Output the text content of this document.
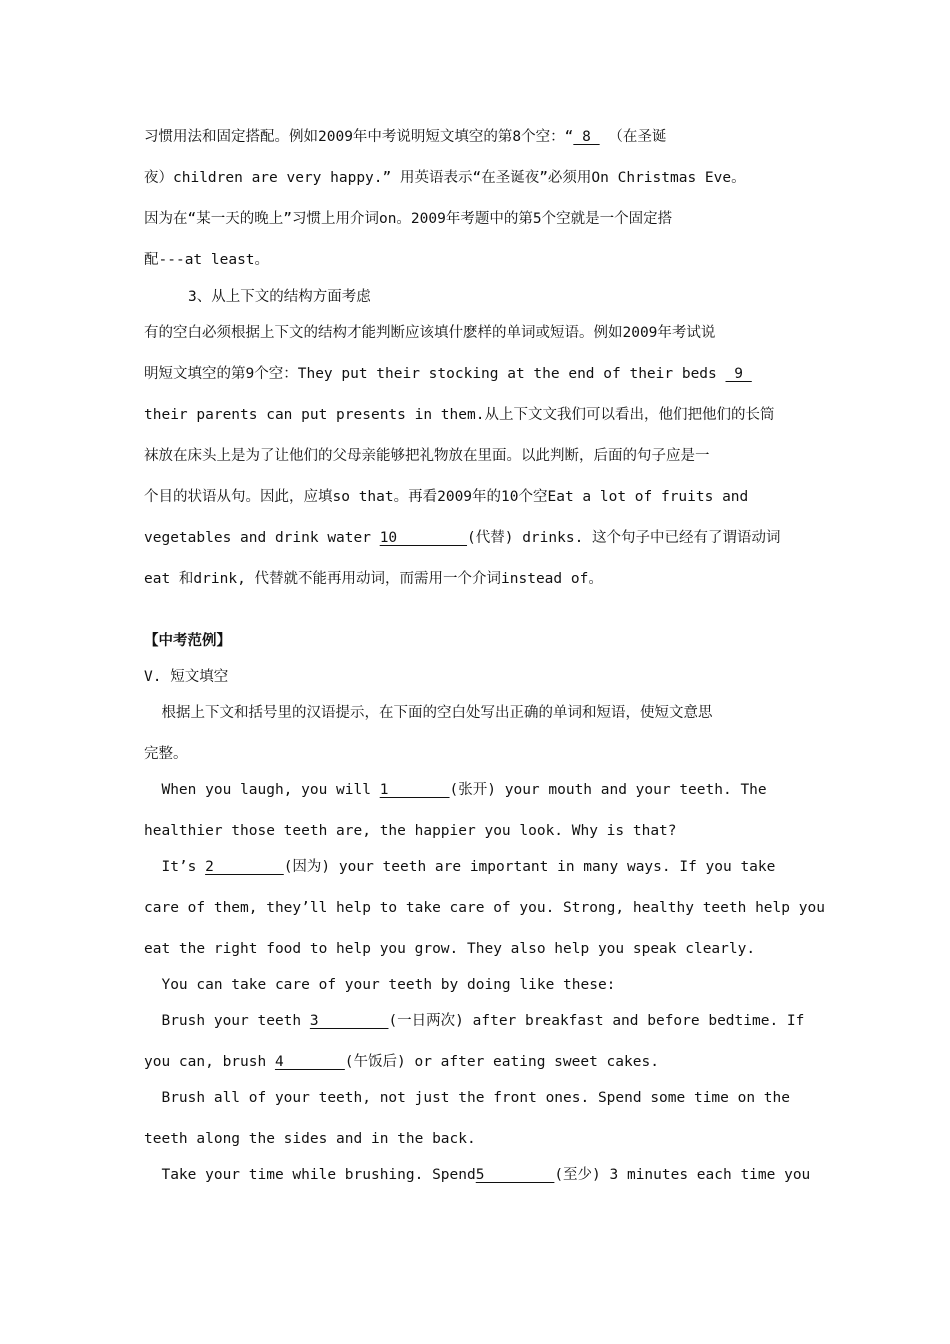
习惯用法和固定搭配。例如2009年中考说明短文填空的第8个空：“_8_ （在圣诞
夜）children are very happy.” 用英语表示“在圣诞夜”必须用On Christmas Eve。
因为在“某一天的晚上”习惯上用介词on。2009年考题中的第5个空就是一个固定搭
配---at least。
3、从上下文的结构方面考虑
有的空白必须根据上下文的结构才能判断应该填什麽样的单词或短语。例如2009年考试说
明短文填空的第9个空：They put their stocking at the end of their beds _9_
their parents can put presents in them.从上下文文我们可以看出，他们把他们的长筒
袜放在床头上是为了让他们的父母亲能够把礼物放在里面。以此判断，后面的句子应是一
个目的状语从句。因此，应填so that。再看2009年的10个空Eat a lot of fruits and
vegetables and drink water 10________(代替) drinks. 这个句子中已经有了谓语动词
eat 和drink, 代替就不能再用动词，而需用一个介词instead of。
【中考范例】
V. 短文填空
根据上下文和括号里的汉语提示，在下面的空白处写出正确的单词和短语，使短文意思
完整。
When you laugh, you will 1_______(张开) your mouth and your teeth. The
healthier those teeth are, the happier you look. Why is that?
It’s 2________(因为) your teeth are important in many ways. If you take
care of them, they’ll help to take care of you. Strong, healthy teeth help you
eat the right food to help you grow. They also help you speak clearly.
You can take care of your teeth by doing like these:
Brush your teeth 3________(一日两次) after breakfast and before bedtime. If
you can, brush 4_______(午饭后) or after eating sweet cakes.
Brush all of your teeth, not just the front ones. Spend some time on the
teeth along the sides and in the back.
Take your time while brushing. Spend5________(至少) 3 minutes each time you
